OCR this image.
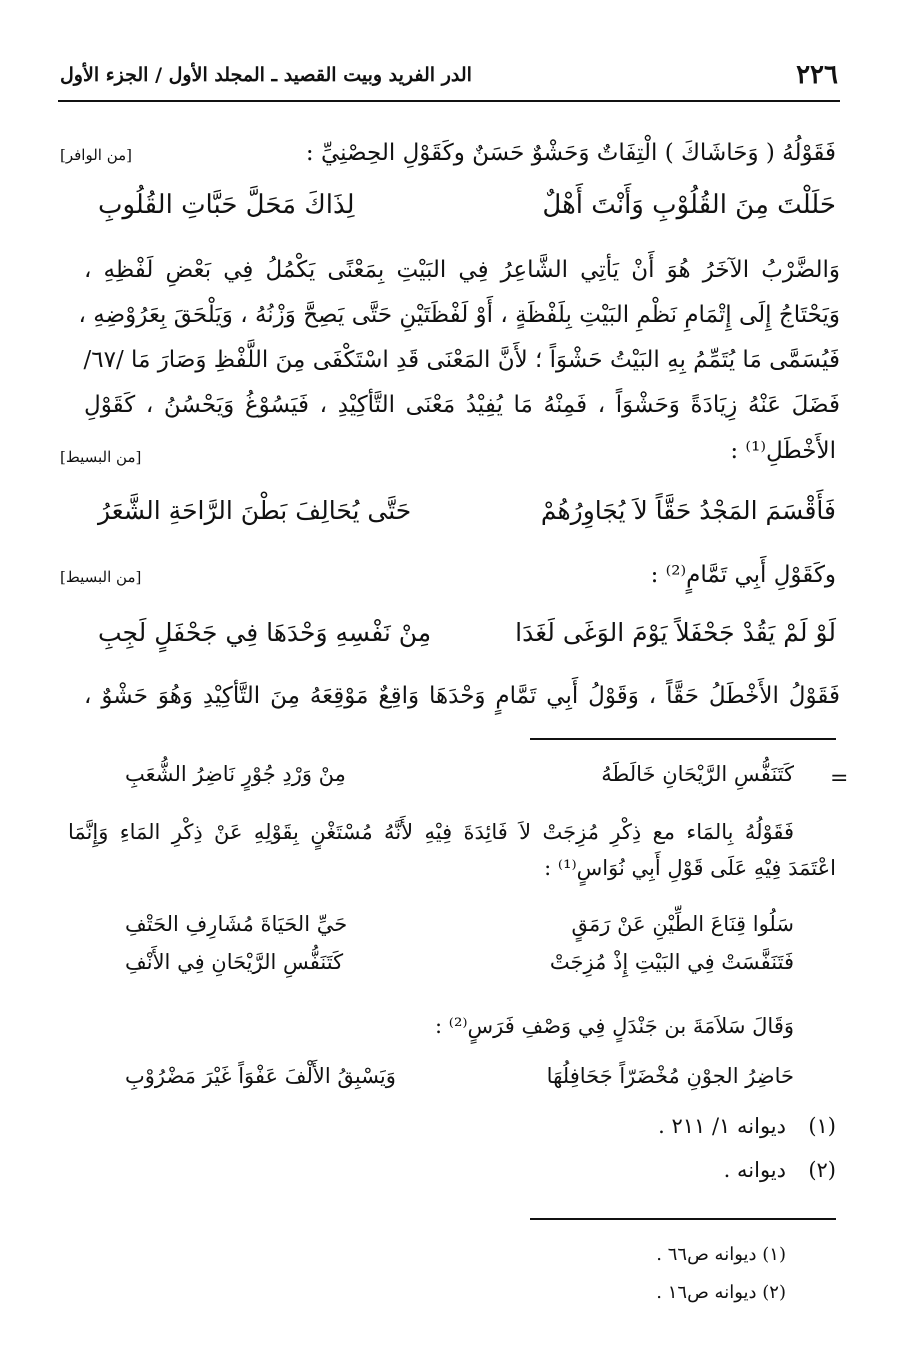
٢٢٦
الدر الفريد وبيت القصيد ـ المجلد الأول / الجزء الأول
فَقَوْلُهُ ( وَحَاشَاكَ ) الْتِفَاتٌ وَحَشْوٌ حَسَنٌ وكَقَوْلِ الحِصْنِيِّ :
[من الوافر]
حَلَلْتَ مِنَ القُلُوْبِ وَأَنْتَ أَهْلٌ
لِذَاكَ مَحَلَّ حَبَّاتِ القُلُوبِ
وَالضَّرْبُ الآخَرُ هُوَ أَنْ يَأتِي الشَّاعِرُ فِي البَيْتِ بِمَعْنًى يَكْمُلُ فِي بَعْضِ لَفْظِهِ ،
وَيَحْتَاجُ إِلَى إِتْمَامِ نَظْمِ البَيْتِ بِلَفْظَةٍ ، أَوْ لَفْظَتَيْنِ حَتَّى يَصِحَّ وَزْنُهُ ، وَيَلْحَقَ بِعَرُوْضِهِ ،
فَيُسَمَّى مَا يُتَمِّمُ بِهِ البَيْتُ حَشْوَاً ؛ لأَنَّ المَعْنَى قَدِ اسْتَكْفَى مِنَ اللَّفْظِ وَصَارَ مَا /٦٧/
فَضَلَ عَنْهُ زِيَادَةً وَحَشْوَاً ، فَمِنْهُ مَا يُفِيْدُ مَعْنَى التَّأكِيْدِ ، فَيَسُوْغُ وَيَحْسُنُ ، كَقَوْلِ
الأَخْطَلِ⁽¹⁾ :
[من البسيط]
فَأَقْسَمَ المَجْدُ حَقَّاً لاَ يُجَاوِرُهُمْ
حَتَّى يُحَالِفَ بَطْنَ الرَّاحَةِ الشَّعَرُ
وكَقَوْلِ أَبِي تَمَّامٍ⁽²⁾ :
[من البسيط]
لَوْ لَمْ يَقُدْ جَحْفَلاً يَوْمَ الوَغَى لَغَدَا
مِنْ نَفْسِهِ وَحْدَهَا فِي جَحْفَلٍ لَجِبِ
فَقَوْلُ الأَخْطَلُ حَقَّاً ، وَقَوْلُ أَبِي تَمَّامٍ وَحْدَهَا وَاقِعٌ مَوْقِعَهُ مِنَ التَّأكِيْدِ وَهُوَ حَشْوٌ ،
=
كَتَنَفُّسِ الرَّيْحَانِ خَالَطَهُ
مِنْ وَرْدِ جُوْرٍ نَاضِرُ الشُّعَبِ
فَقَوْلُهُ بِالمَاء مع ذِكْرِ مُزِجَتْ لاَ فَائِدَةَ فِيْهِ لأَنَّهُ مُسْتَغْنٍ بِقَوْلِهِ عَنْ ذِكْرِ المَاءِ وَإِنَّمَا
اعْتَمَدَ فِيْهِ عَلَى قَوْلِ أَبِي نُوَاسٍ⁽¹⁾ :
سَلُوا قِنَاعَ الطِّيْنِ عَنْ رَمَقٍ
حَيِّ الحَيَاةَ مُشَارِفِ الحَتْفِ
فَتَنَفَّسَتْ فِي البَيْتِ إِذْ مُزِجَتْ
كَتَنَفُّسِ الرَّيْحَانِ فِي الأَنْفِ
وَقَالَ سَلاَمَةَ بن جَنْدَلٍ فِي وَصْفِ فَرَسٍ⁽²⁾ :
حَاضِرُ الجوْنِ مُخْضَرّاً جَحَافِلُهَا
وَيَسْبِقُ الأَلْفَ عَفْوَاً غَيْرَ مَضْرُوْبِ
(١)
ديوانه ١/ ٢١١ .
(٢)
ديوانه .
(١) ديوانه ص٦٦ .
(٢) ديوانه ص١٦ .
